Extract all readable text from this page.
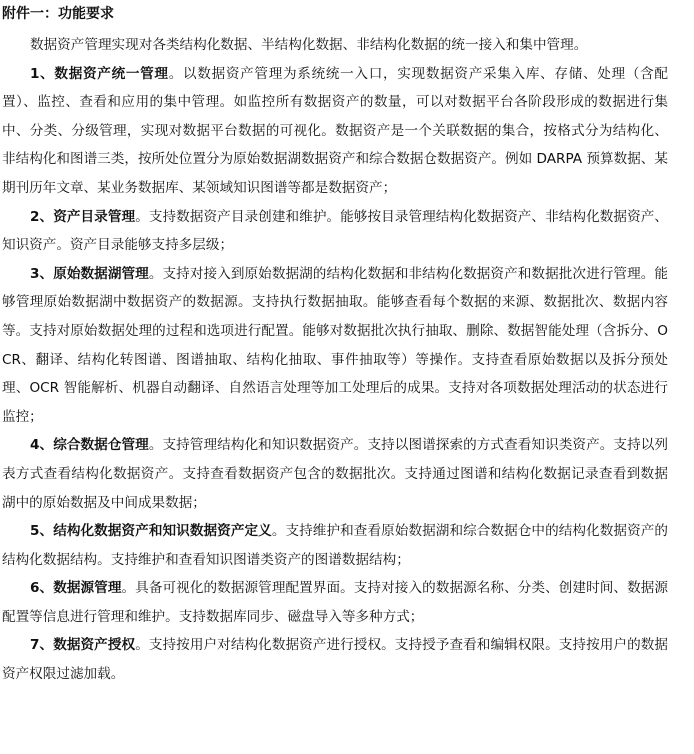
附件一：功能要求

数据资产管理实现对各类结构化数据、半结构化数据、非结构化数据的统一接入和集中管理。

1、数据资产统一管理。以数据资产管理为系统统一入口，实现数据资产采集入库、存储、处理（含配置）、监控、查看和应用的集中管理。如监控所有数据资产的数量，可以对数据平台各阶段形成的数据进行集中、分类、分级管理，实现对数据平台数据的可视化。数据资产是一个关联数据的集合，按格式分为结构化、非结构化和图谱三类，按所处位置分为原始数据湖数据资产和综合数据仓数据资产。例如 DARPA 预算数据、某期刊历年文章、某业务数据库、某领域知识图谱等都是数据资产；

2、资产目录管理。支持数据资产目录创建和维护。能够按目录管理结构化数据资产、非结构化数据资产、知识资产。资产目录能够支持多层级；

3、原始数据湖管理。支持对接入到原始数据湖的结构化数据和非结构化数据资产和数据批次进行管理。能够管理原始数据湖中数据资产的数据源。支持执行数据抽取。能够查看每个数据的来源、数据批次、数据内容等。支持对原始数据处理的过程和选项进行配置。能够对数据批次执行抽取、删除、数据智能处理（含拆分、OCR、翻译、结构化转图谱、图谱抽取、结构化抽取、事件抽取等）等操作。支持查看原始数据以及拆分预处理、OCR 智能解析、机器自动翻译、自然语言处理等加工处理后的成果。支持对各项数据处理活动的状态进行监控；

4、综合数据仓管理。支持管理结构化和知识数据资产。支持以图谱探索的方式查看知识类资产。支持以列表方式查看结构化数据资产。支持查看数据资产包含的数据批次。支持通过图谱和结构化数据记录查看到数据湖中的原始数据及中间成果数据；

5、结构化数据资产和知识数据资产定义。支持维护和查看原始数据湖和综合数据仓中的结构化数据资产的结构化数据结构。支持维护和查看知识图谱类资产的图谱数据结构；

6、数据源管理。具备可视化的数据源管理配置界面。支持对接入的数据源名称、分类、创建时间、数据源配置等信息进行管理和维护。支持数据库同步、磁盘导入等多种方式；

7、数据资产授权。支持按用户对结构化数据资产进行授权。支持授予查看和编辑权限。支持按用户的数据资产权限过滤加载。
